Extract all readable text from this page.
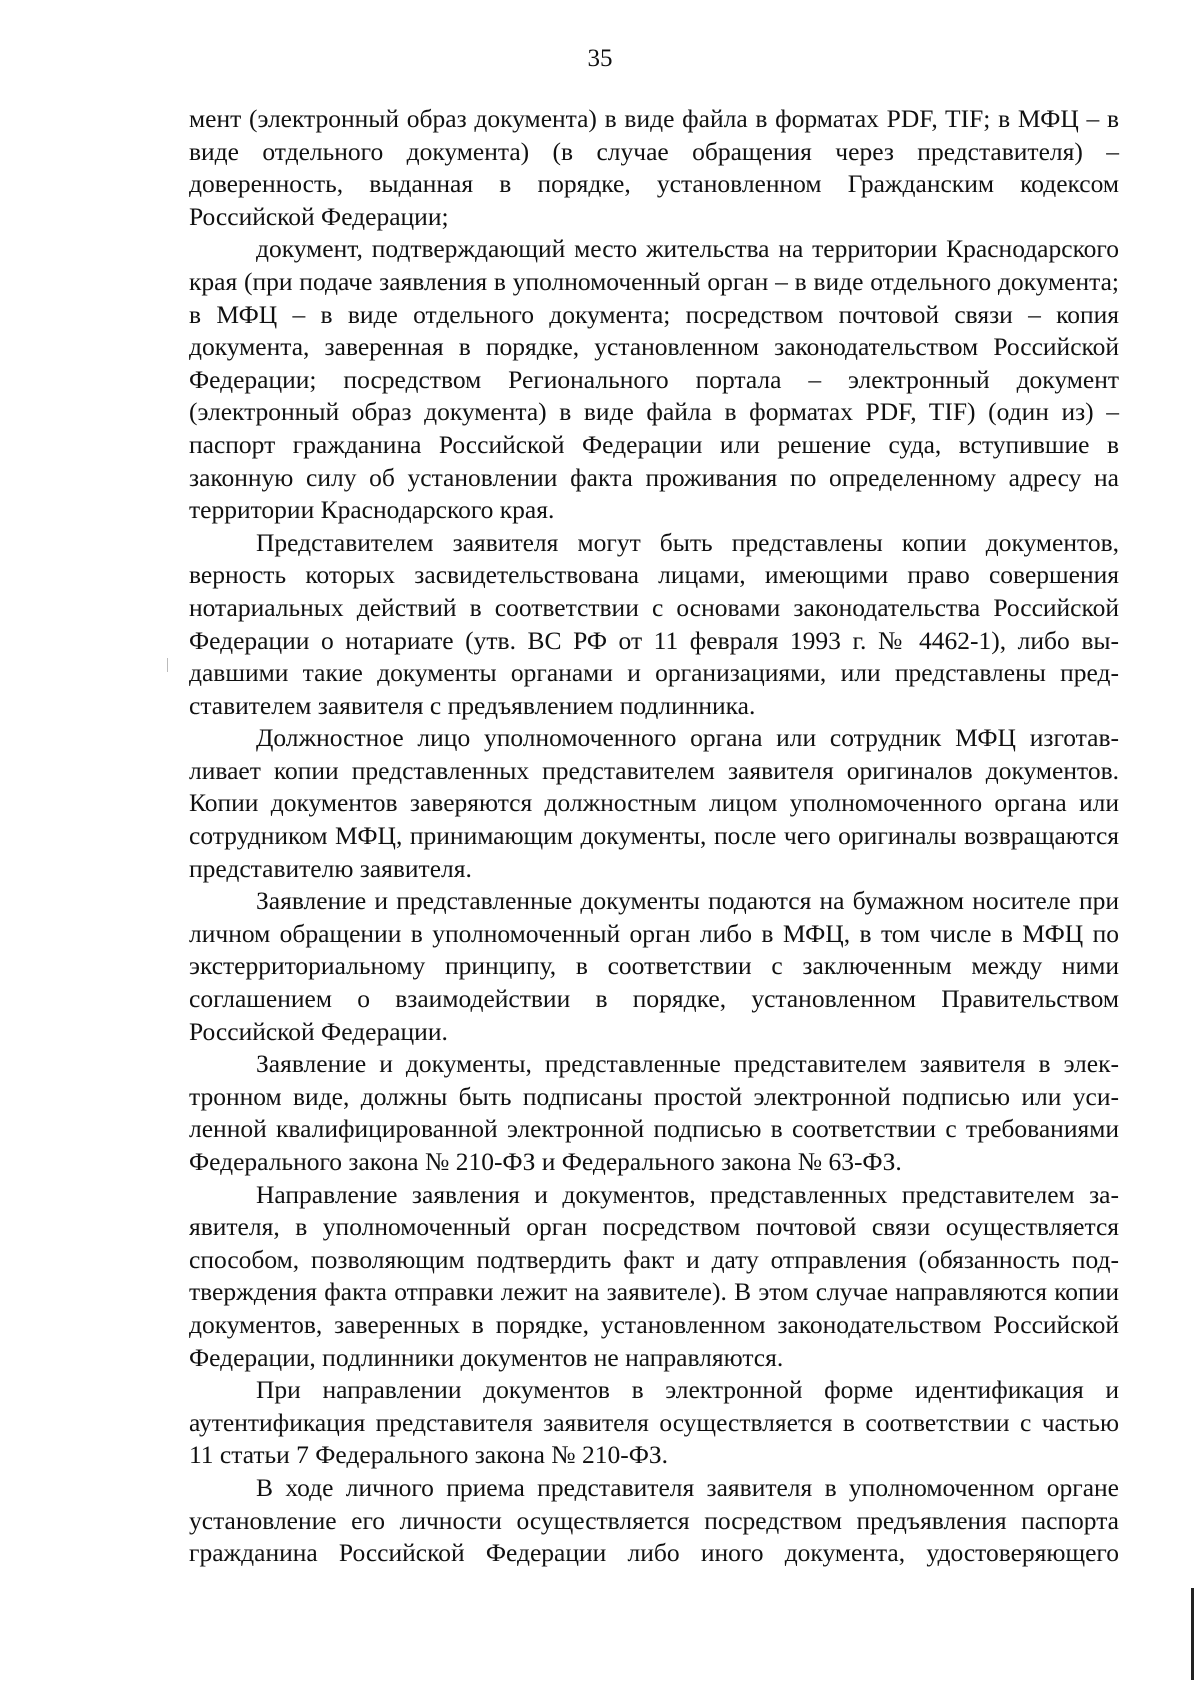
35

мент (электронный образ документа) в виде файла в форматах PDF, TIF; в МФЦ – в виде отдельного документа) (в случае обращения через представителя) – доверенность, выданная в порядке, установленном Гражданским кодексом Российской Федерации;

документ, подтверждающий место жительства на территории Краснодарского края (при подаче заявления в уполномоченный орган – в виде отдельного документа; в МФЦ – в виде отдельного документа; посредством почтовой связи – копия документа, заверенная в порядке, установленном законодательством Российской Федерации; посредством Регионального портала – электронный документ (электронный образ документа) в виде файла в форматах PDF, TIF) (один из) – паспорт гражданина Российской Федерации или решение суда, вступившие в законную силу об установлении факта проживания по определенному адресу на территории Краснодарского края.

Представителем заявителя могут быть представлены копии документов, верность которых засвидетельствована лицами, имеющими право совершения нотариальных действий в соответствии с основами законодательства Российской Федерации о нотариате (утв. ВС РФ от 11 февраля 1993 г. № 4462-1), либо выдавшими такие документы органами и организациями, или представлены представителем заявителя с предъявлением подлинника.

Должностное лицо уполномоченного органа или сотрудник МФЦ изготавливает копии представленных представителем заявителя оригиналов документов. Копии документов заверяются должностным лицом уполномоченного органа или сотрудником МФЦ, принимающим документы, после чего оригиналы возвращаются представителю заявителя.

Заявление и представленные документы подаются на бумажном носителе при личном обращении в уполномоченный орган либо в МФЦ, в том числе в МФЦ по экстерриториальному принципу, в соответствии с заключенным между ними соглашением о взаимодействии в порядке, установленном Правительством Российской Федерации.

Заявление и документы, представленные представителем заявителя в электронном виде, должны быть подписаны простой электронной подписью или усиленной квалифицированной электронной подписью в соответствии с требованиями Федерального закона № 210-ФЗ и Федерального закона № 63-ФЗ.

Направление заявления и документов, представленных представителем заявителя, в уполномоченный орган посредством почтовой связи осуществляется способом, позволяющим подтвердить факт и дату отправления (обязанность подтверждения факта отправки лежит на заявителе). В этом случае направляются копии документов, заверенных в порядке, установленном законодательством Российской Федерации, подлинники документов не направляются.

При направлении документов в электронной форме идентификация и аутентификация представителя заявителя осуществляется в соответствии с частью 11 статьи 7 Федерального закона № 210-ФЗ.

В ходе личного приема представителя заявителя в уполномоченном органе установление его личности осуществляется посредством предъявления паспорта гражданина Российской Федерации либо иного документа, удостоверяющего
